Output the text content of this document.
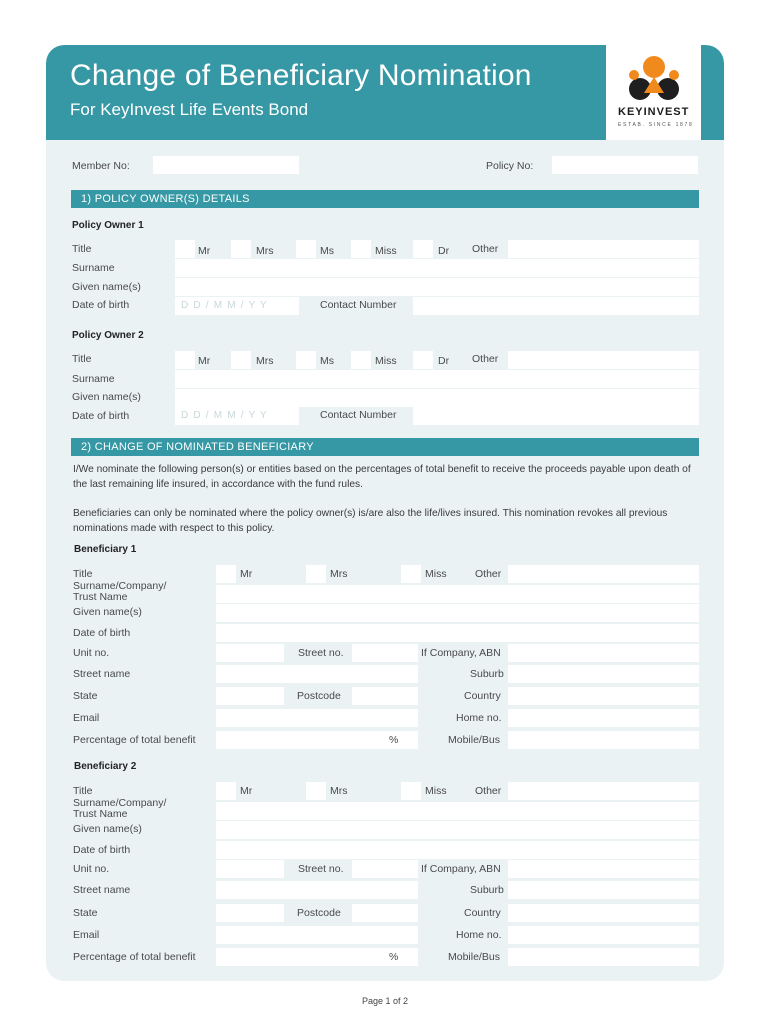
Change of Beneficiary Nomination
For KeyInvest Life Events Bond	KEYINVEST
ESTAB. SINCE 1878
Member No:	Policy No:
1) POLICY OWNER(S) DETAILS
Policy Owner 1
Title	Mr	Mrs	Ms	Miss	Dr Other
Surname
Given name(s)
Date of birth	D D / M M / Y Y	Contact Number
Policy Owner 2
Title	Mr	Mrs	Ms	Miss	Dr Other
Surname
Given name(s)
Date of birth	D D / M M / Y Y	Contact Number
2) CHANGE OF NOMINATED BENEFICIARY
I/We nominate the following person(s) or entities based on the percentages of total benefit to receive the proceeds payable upon death of the last remaining life insured, in accordance with the fund rules.
Beneficiaries can only be nominated where the policy owner(s) is/are also the life/lives insured. This nomination revokes all previous nominations made with respect to this policy.
Beneficiary 1
Title	Mr	Mrs	Miss	Other
Surname/Company/
Trust Name
Given name(s)
Date of birth
Unit no.	Street no.	If Company, ABN
Street name	Suburb
State	Postcode	Country
Email	Home no.
Percentage of total benefit	%	Mobile/Bus
Beneficiary 2
Title	Mr	Mrs	Miss	Other
Surname/Company/
Trust Name
Given name(s)
Date of birth
Unit no.	Street no.	If Company, ABN
Street name	Suburb
State	Postcode	Country
Email	Home no.
Percentage of total benefit	%	Mobile/Bus
Page 1 of 2
